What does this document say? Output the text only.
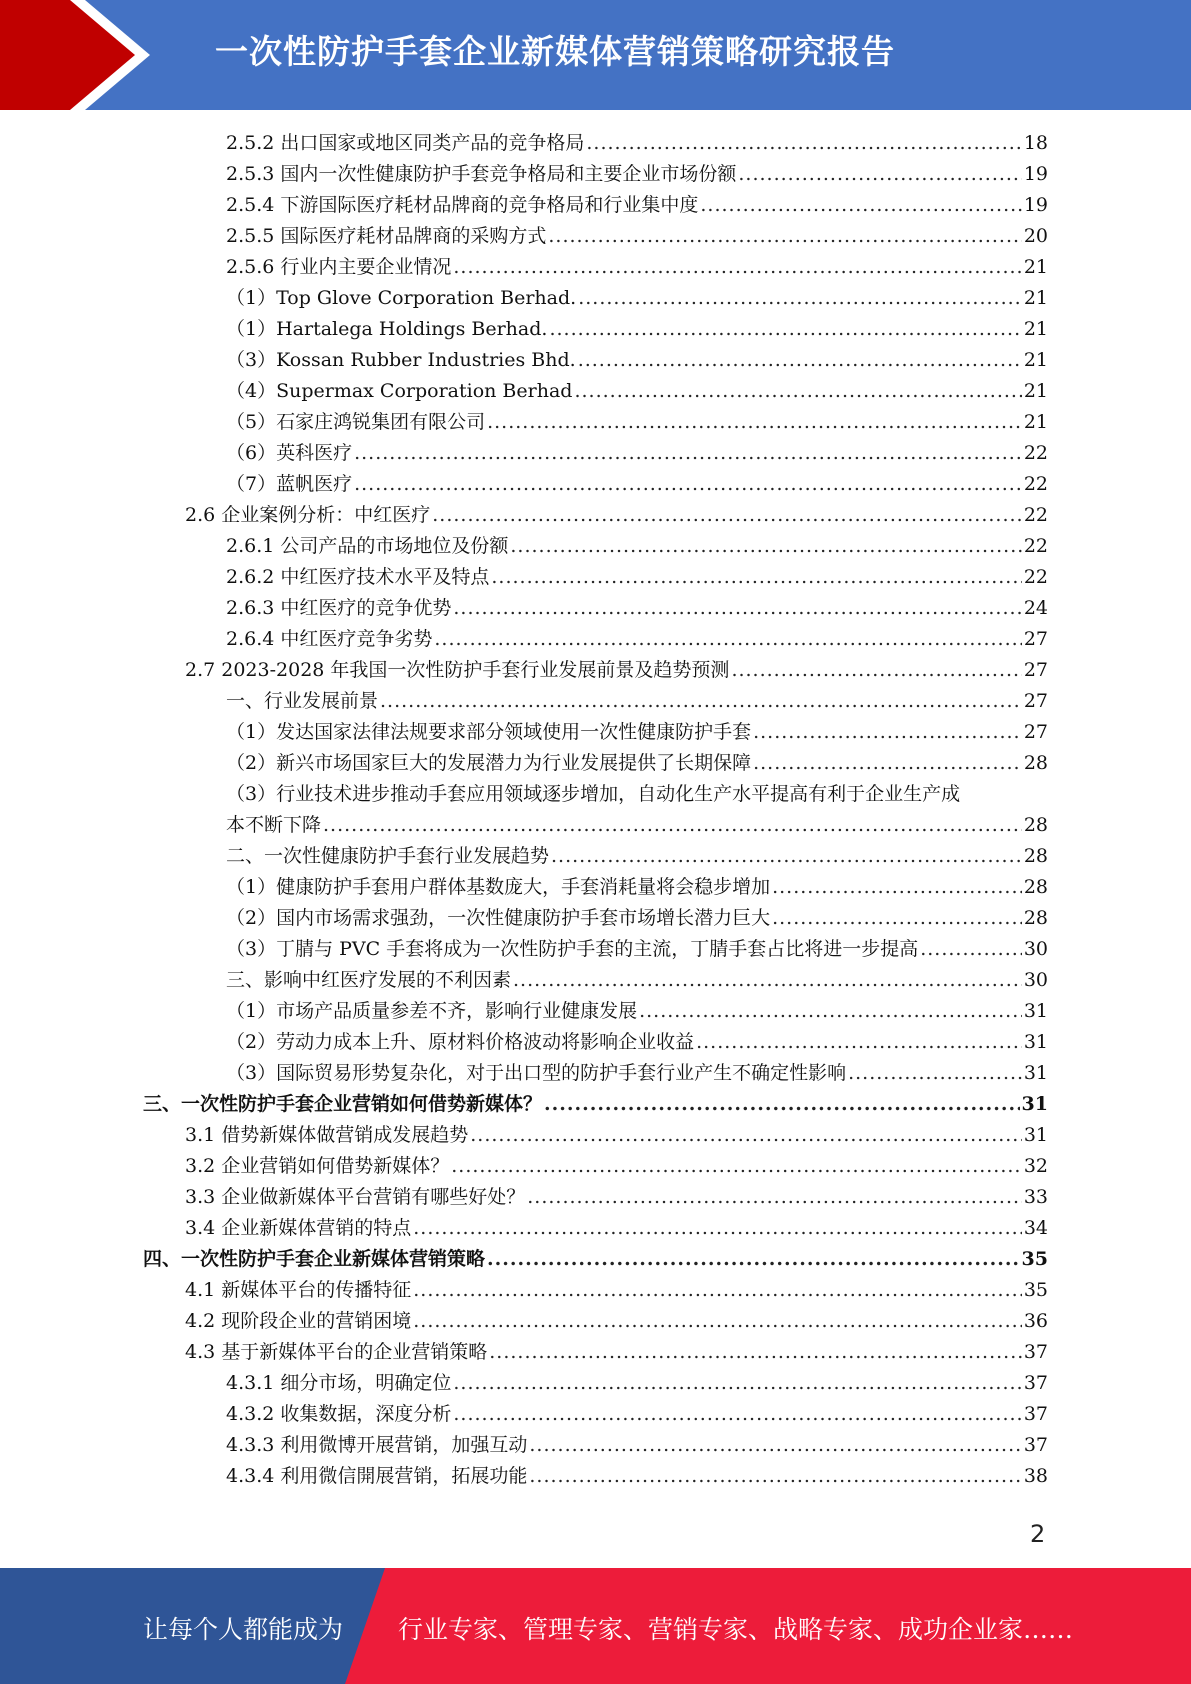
一次性防护手套企业新媒体营销策略研究报告
2.5.2 出口国家或地区同类产品的竞争格局 .....	18
2.5.3 国内一次性健康防护手套竞争格局和主要企业市场份额 .....	19
2.5.4 下游国际医疗耗材品牌商的竞争格局和行业集中度 .....	19
2.5.5 国际医疗耗材品牌商的采购方式 .....	20
2.5.6 行业内主要企业情况 .....	21
（1）Top Glove Corporation Berhad. .....	21
（1）Hartalega Holdings Berhad. .....	21
（3）Kossan Rubber Industries Bhd. .....	21
（4）Supermax Corporation Berhad .....	21
（5）石家庄鸿锐集团有限公司 .....	21
（6）英科医疗 .....	22
（7）蓝帆医疗 .....	22
2.6 企业案例分析：中红医疗 .....	22
2.6.1 公司产品的市场地位及份额 .....	22
2.6.2 中红医疗技术水平及特点 .....	22
2.6.3 中红医疗的竞争优势 .....	24
2.6.4 中红医疗竞争劣势 .....	27
2.7 2023-2028 年我国一次性防护手套行业发展前景及趋势预测 .....	27
一、行业发展前景 .....	27
（1）发达国家法律法规要求部分领域使用一次性健康防护手套 .....	27
（2）新兴市场国家巨大的发展潜力为行业发展提供了长期保障 .....	28
（3）行业技术进步推动手套应用领域逐步增加，自动化生产水平提高有利于企业生产成
本不断下降 .....	28
二、一次性健康防护手套行业发展趋势 .....	28
（1）健康防护手套用户群体基数庞大，手套消耗量将会稳步增加 .....	28
（2）国内市场需求强劲，一次性健康防护手套市场增长潜力巨大 .....	28
（3）丁腈与 PVC 手套将成为一次性防护手套的主流，丁腈手套占比将进一步提高 .....	30
三、影响中红医疗发展的不利因素 .....	30
（1）市场产品质量参差不齐，影响行业健康发展 .....	31
（2）劳动力成本上升、原材料价格波动将影响企业收益 .....	31
（3）国际贸易形势复杂化，对于出口型的防护手套行业产生不确定性影响 .....	31
三、一次性防护手套企业营销如何借势新媒体？ .....	31
3.1 借势新媒体做营销成发展趋势 .....	31
3.2 企业营销如何借势新媒体？ .....	32
3.3 企业做新媒体平台营销有哪些好处？ .....	33
3.4 企业新媒体营销的特点 .....	34
四、一次性防护手套企业新媒体营销策略 .....	35
4.1 新媒体平台的传播特征 .....	35
4.2 现阶段企业的营销困境 .....	36
4.3 基于新媒体平台的企业营销策略 .....	37
4.3.1 细分市场，明确定位 .....	37
4.3.2 收集数据，深度分析 .....	37
4.3.3 利用微博开展营销，加强互动 .....	37
4.3.4 利用微信開展营销，拓展功能 .....	38
2
让每个人都能成为 行业专家、管理专家、营销专家、战略专家、成功企业家……
